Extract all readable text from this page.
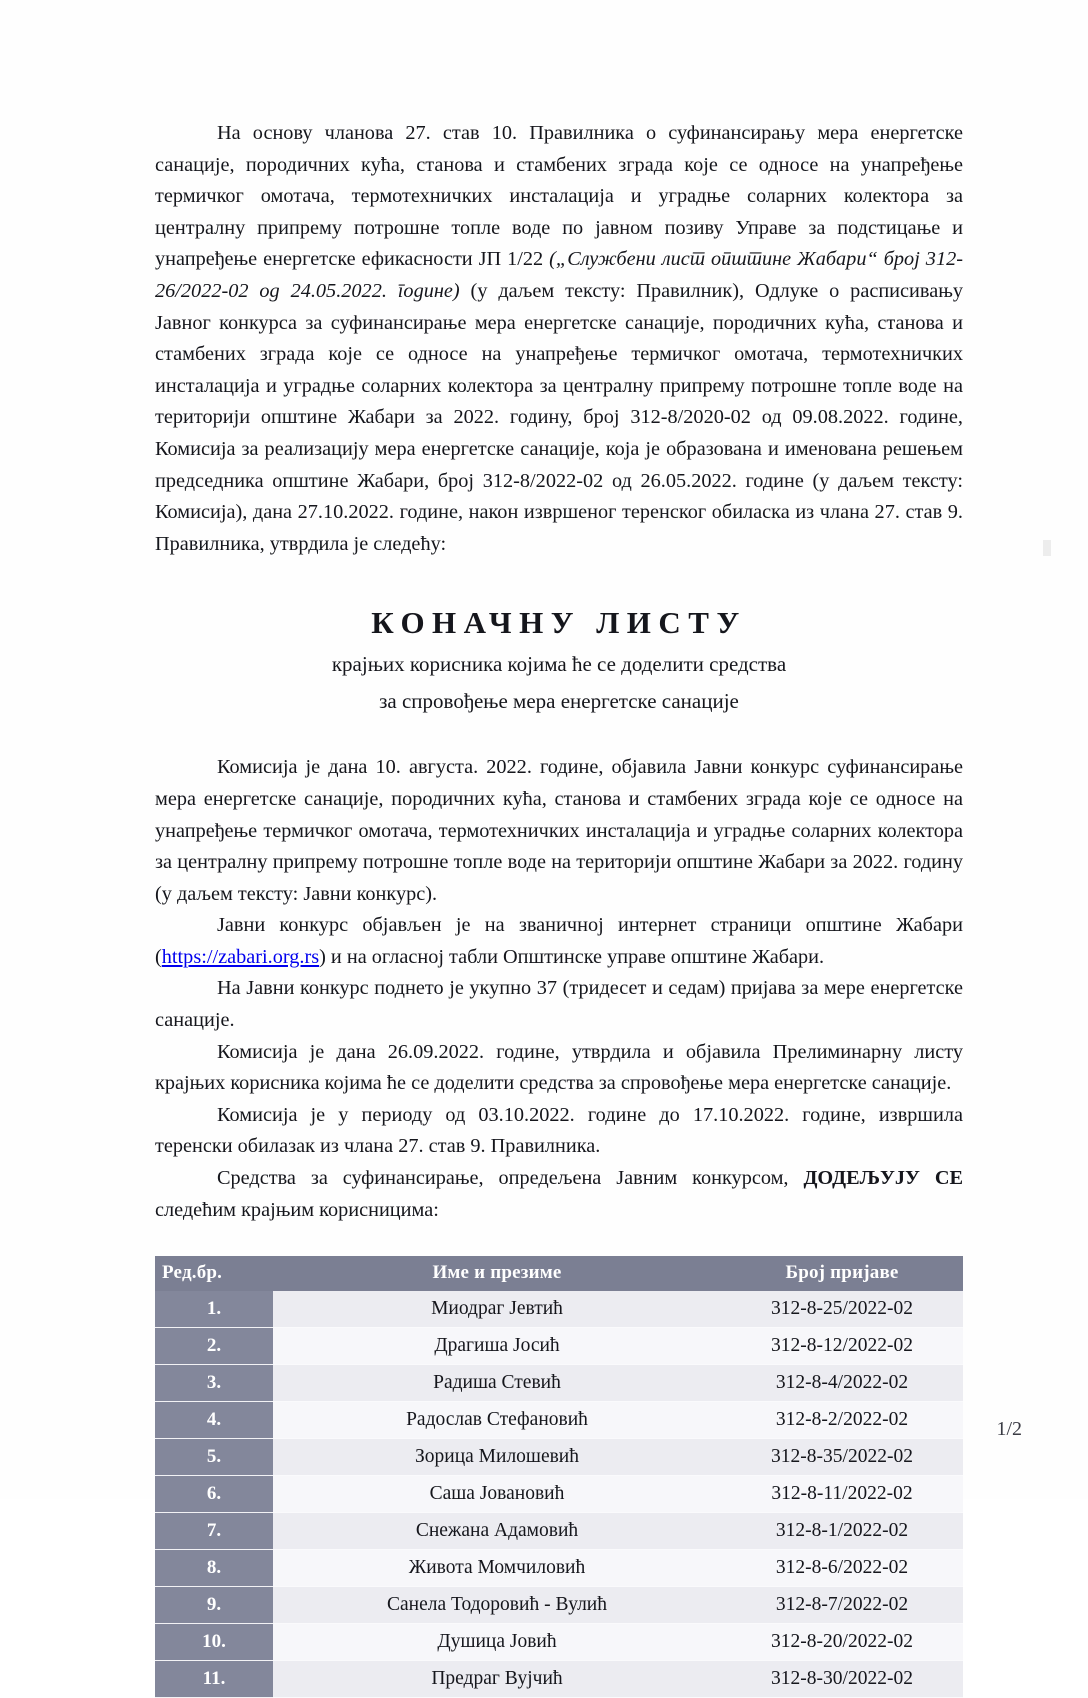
На основу чланова 27. став 10. Правилника о суфинансирању мера енергетске санације, породичних кућа, станова и стамбених зграда које се односе на унапређење термичког омотача, термотехничких инсталација и уградње соларних колектора за централну припрему потрошне топле воде по јавном позиву Управе за подстицање и унапређење енергетске ефикасности ЈП 1/22 („Службени лист општине Жабари“ број 312-26/2022-02 од 24.05.2022. године) (у даљем тексту: Правилник), Одлуке о расписивању Јавног конкурса за суфинансирање мера енергетске санације, породичних кућа, станова и стамбених зграда које се односе на унапређење термичког омотача, термотехничких инсталација и уградње соларних колектора за централну припрему потрошне топле воде на територији општине Жабари за 2022. годину, број 312-8/2020-02 од 09.08.2022. године, Комисија за реализацију мера енергетске санације, која је образована и именована решењем председника општине Жабари, број 312-8/2022-02 од 26.05.2022. године (у даљем тексту: Комисија), дана 27.10.2022. године, након извршеног теренског обиласка из члана 27. став 9. Правилника, утврдила је следећу:

КОНАЧНУ ЛИСТУ

крајњих корисника којима ће се доделити средства

за спровођење мера енергетске санације

Комисија је дана 10. августа. 2022. године, објавила Јавни конкурс суфинансирање мера енергетске санације, породичних кућа, станова и стамбених зграда које се односе на унапређење термичког омотача, термотехничких инсталација и уградње соларних колектора за централну припрему потрошне топле воде на територији општине Жабари за 2022. годину (у даљем тексту: Јавни конкурс).

Јавни конкурс објављен је на званичној интернет страници општине Жабари (https://zabari.org.rs) и на огласној табли Општинске управе општине Жабари.

На Јавни конкурс поднето је укупно 37 (тридесет и седам) пријава за мере енергетске санације.

Комисија је дана 26.09.2022. године, утврдила и објавила Прелиминарну листу крајњих корисника којима ће се доделити средства за спровођење мера енергетске санације.

Комисија је у периоду од 03.10.2022. године до 17.10.2022. године, извршила теренски обилазак из члана 27. став 9. Правилника.

Средства за суфинансирање, опредељена Јавним конкурсом, ДОДЕЉУЈУ СЕ следећим крајњим корисницима:

Ред.бр.	Име и презиме	Број пријаве
1.	Миодраг Јевтић	312-8-25/2022-02
2.	Драгиша Јосић	312-8-12/2022-02
3.	Радиша Стевић	312-8-4/2022-02
4.	Радослав Стефановић	312-8-2/2022-02
5.	Зорица Милошевић	312-8-35/2022-02
6.	Саша Јовановић	312-8-11/2022-02
7.	Снежана Адамовић	312-8-1/2022-02
8.	Живота Момчиловић	312-8-6/2022-02
9.	Санела Тодоровић - Вулић	312-8-7/2022-02
10.	Душица Јовић	312-8-20/2022-02
11.	Предраг Вујчић	312-8-30/2022-02
1/2
